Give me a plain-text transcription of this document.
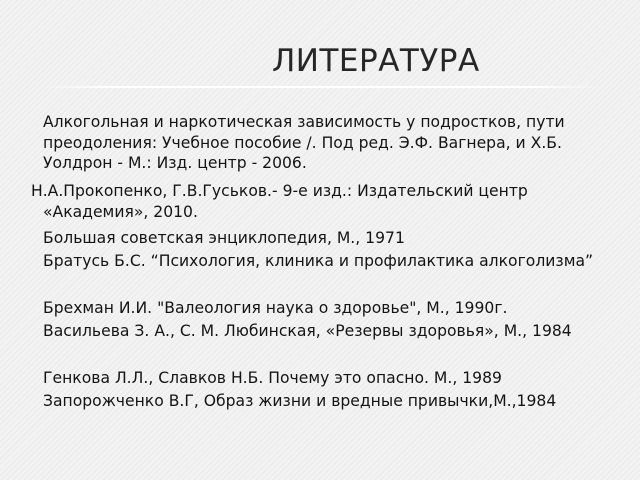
ЛИТЕРАТУРА
Алкогольная и наркотическая зависимость у подростков, пути преодоления: Учебное пособие /. Под ред. Э.Ф. Вагнера, и Х.Б. Уолдрон - М.: Изд. центр - 2006.
Н.А.Прокопенко, Г.В.Гуськов.- 9-е изд.: Издательский центр
«Академия», 2010.
Большая советская энциклопедия, М., 1971
Братусь Б.С. “Психология, клиника и профилактика алкоголизма”
Брехман И.И. "Валеология наука о здоровье", М., 1990г.
Васильева З. А., С. М. Любинская, «Резервы здоровья», М., 1984
Генкова Л.Л., Славков Н.Б. Почему это опасно. М., 1989
Запорожченко В.Г, Образ жизни и вредные привычки,М.,1984
